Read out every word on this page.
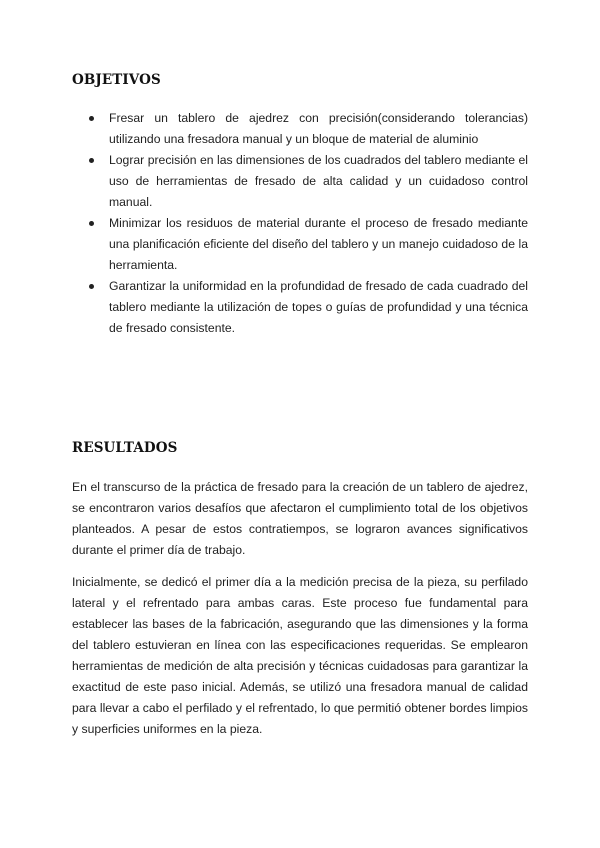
OBJETIVOS
Fresar un tablero de ajedrez con precisión(considerando tolerancias) utilizando una fresadora manual y un bloque de material de aluminio
Lograr precisión en las dimensiones de los cuadrados del tablero mediante el uso de herramientas de fresado de alta calidad y un cuidadoso control manual.
Minimizar los residuos de material durante el proceso de fresado mediante una planificación eficiente del diseño del tablero y un manejo cuidadoso de la herramienta.
Garantizar la uniformidad en la profundidad de fresado de cada cuadrado del tablero mediante la utilización de topes o guías de profundidad y una técnica de fresado consistente.
RESULTADOS

En el transcurso de la práctica de fresado para la creación de un tablero de ajedrez, se encontraron varios desafíos que afectaron el cumplimiento total de los objetivos planteados. A pesar de estos contratiempos, se lograron avances significativos durante el primer día de trabajo.

Inicialmente, se dedicó el primer día a la medición precisa de la pieza, su perfilado lateral y el refrentado para ambas caras. Este proceso fue fundamental para establecer las bases de la fabricación, asegurando que las dimensiones y la forma del tablero estuvieran en línea con las especificaciones requeridas. Se emplearon herramientas de medición de alta precisión y técnicas cuidadosas para garantizar la exactitud de este paso inicial. Además, se utilizó una fresadora manual de calidad para llevar a cabo el perfilado y el refrentado, lo que permitió obtener bordes limpios y superficies uniformes en la pieza.
